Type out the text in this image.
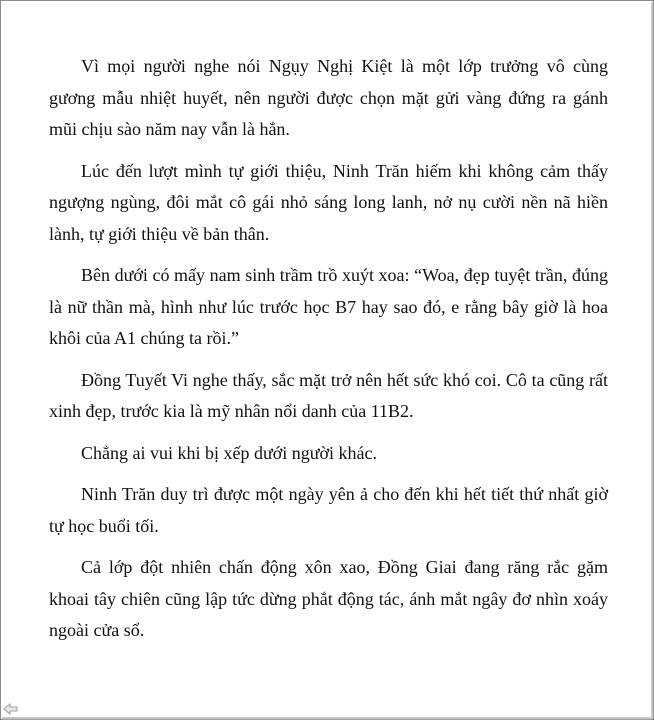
Vì mọi người nghe nói Ngụy Nghị Kiệt là một lớp trưởng vô cùng gương mẫu nhiệt huyết, nên người được chọn mặt gửi vàng đứng ra gánh mũi chịu sào năm nay vẫn là hắn.

Lúc đến lượt mình tự giới thiệu, Ninh Trăn hiếm khi không cảm thấy ngượng ngùng, đôi mắt cô gái nhỏ sáng long lanh, nở nụ cười nền nã hiền lành, tự giới thiệu về bản thân.

Bên dưới có mấy nam sinh trầm trồ xuýt xoa: “Woa, đẹp tuyệt trần, đúng là nữ thần mà, hình như lúc trước học B7 hay sao đó, e rằng bây giờ là hoa khôi của A1 chúng ta rồi.”

Đồng Tuyết Vi nghe thấy, sắc mặt trở nên hết sức khó coi. Cô ta cũng rất xinh đẹp, trước kia là mỹ nhân nổi danh của 11B2.

Chẳng ai vui khi bị xếp dưới người khác.

Ninh Trăn duy trì được một ngày yên ả cho đến khi hết tiết thứ nhất giờ tự học buổi tối.

Cả lớp đột nhiên chấn động xôn xao, Đồng Giai đang răng rắc gặm khoai tây chiên cũng lập tức dừng phắt động tác, ánh mắt ngây đơ nhìn xoáy ngoài cửa sổ.
